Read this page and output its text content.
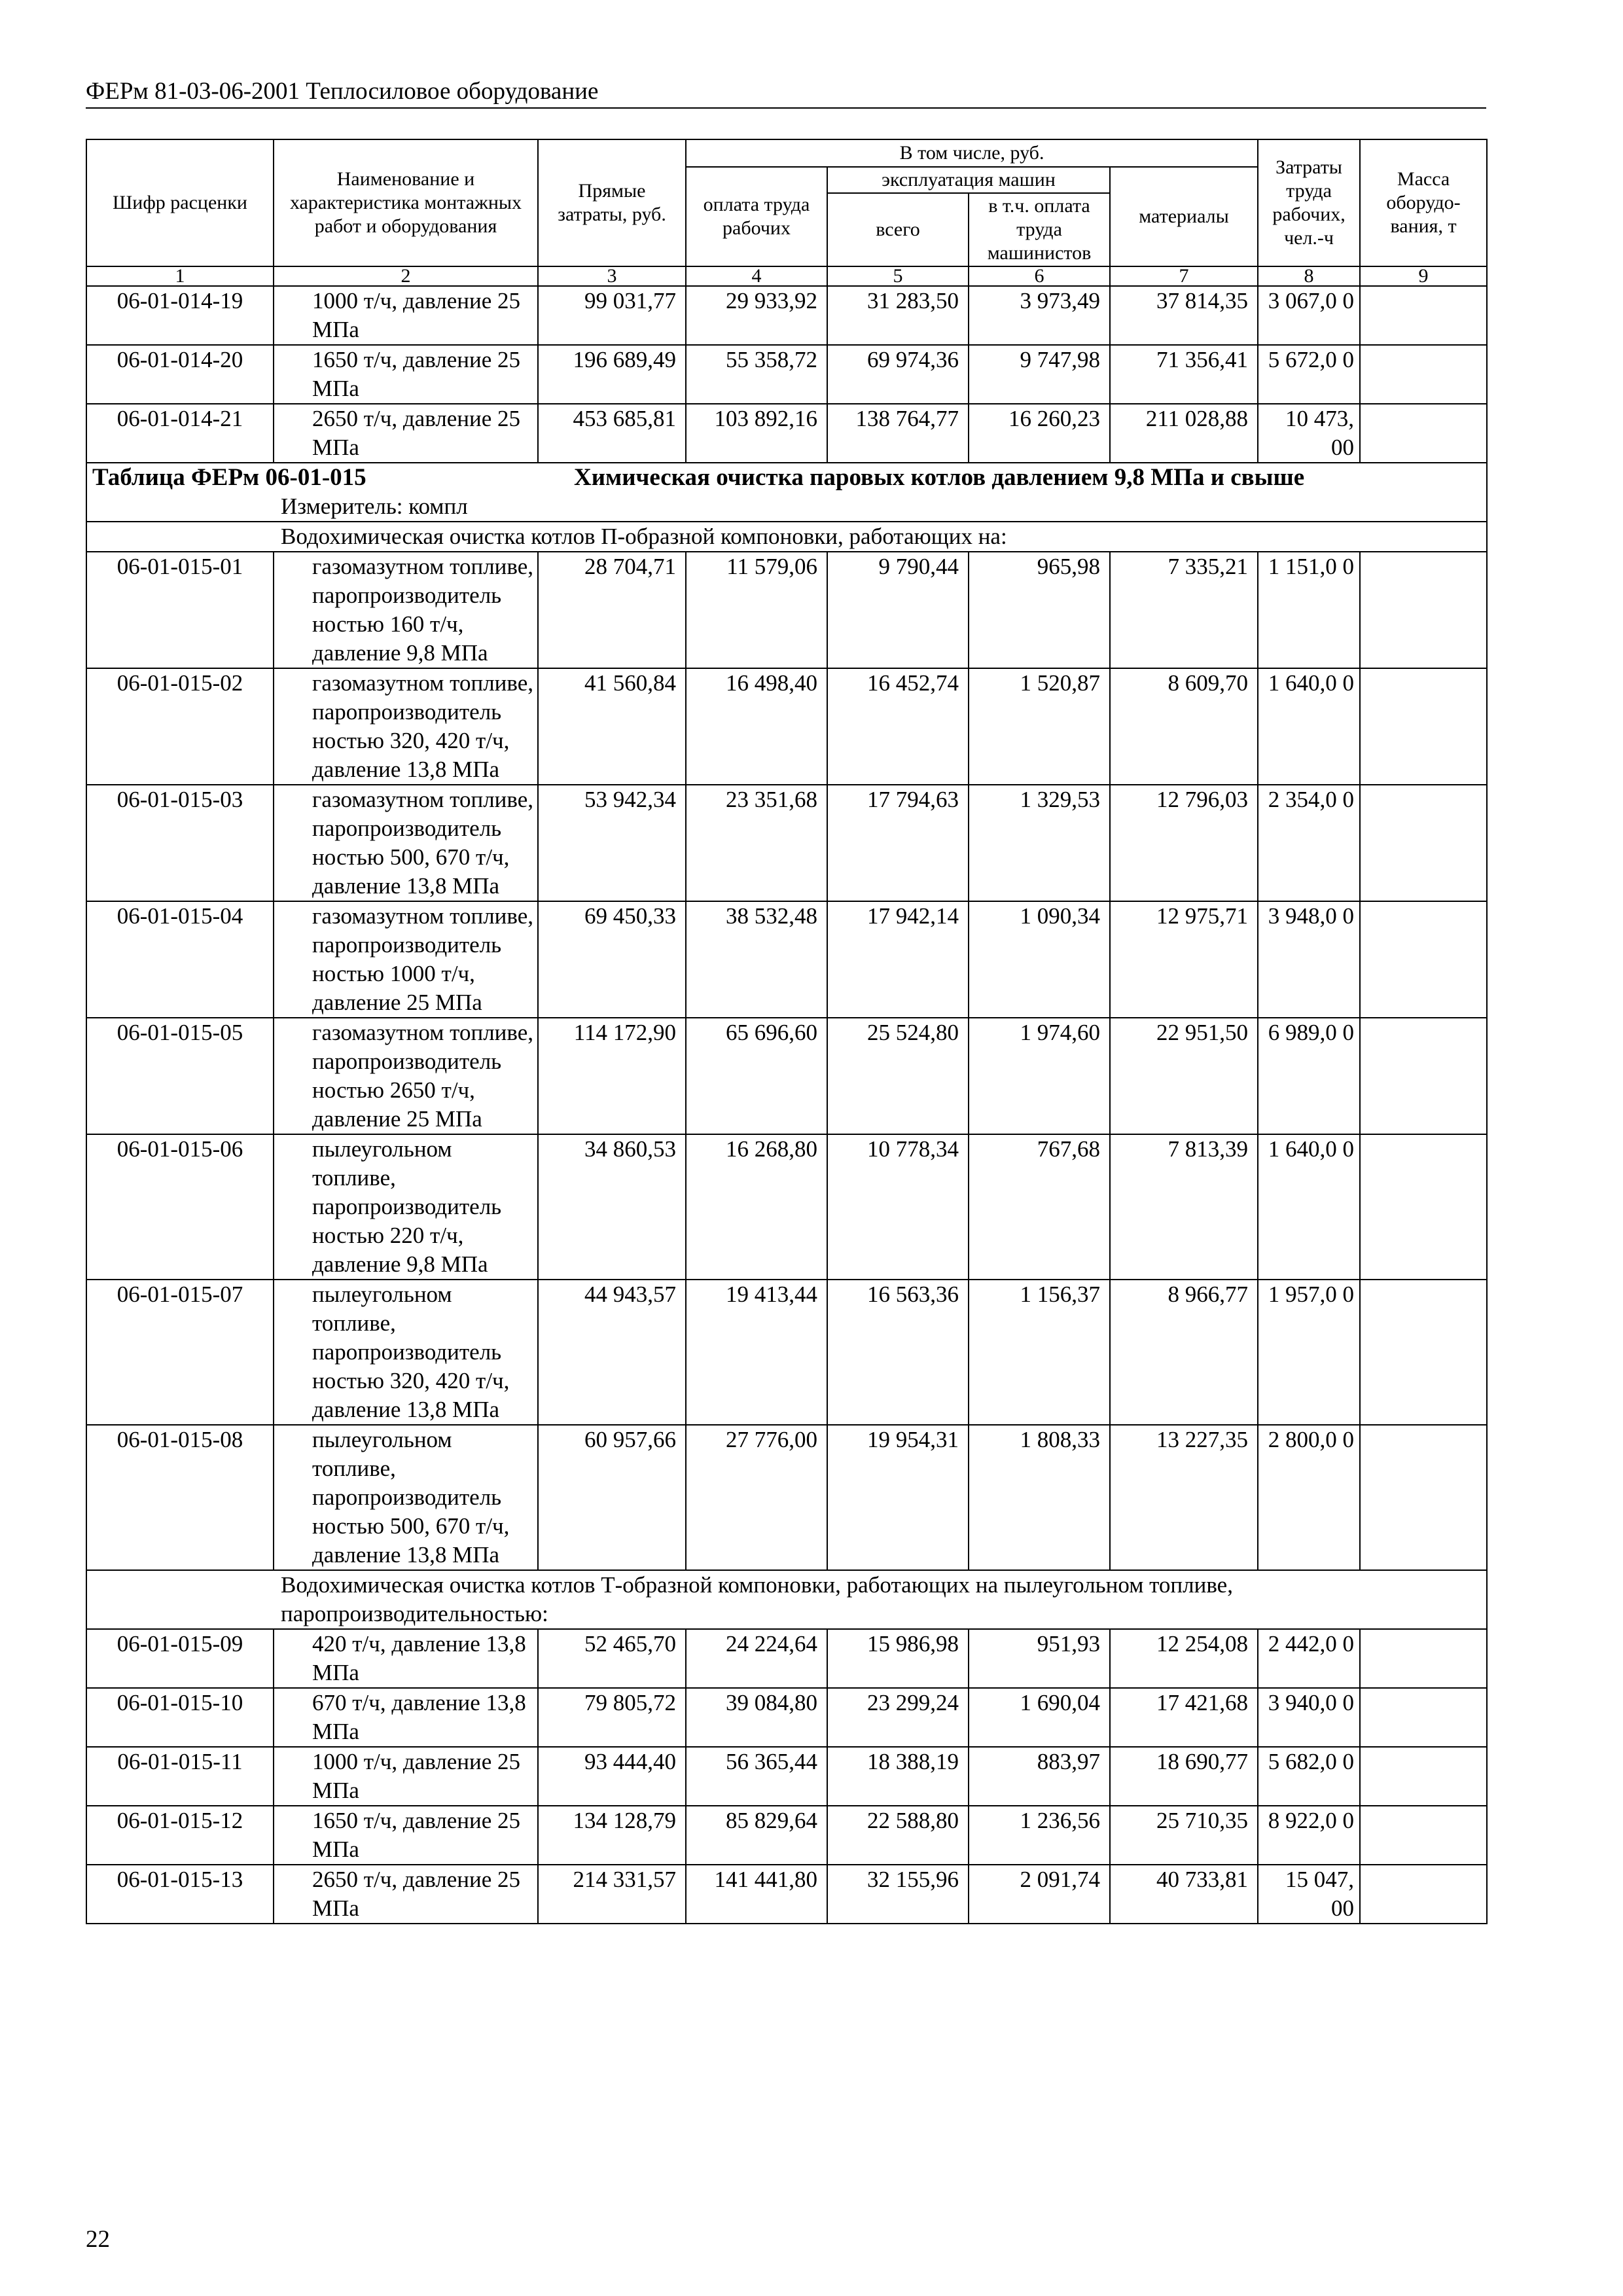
ФЕРм 81-03-06-2001 Теплосиловое оборудование
Шифр расценки	Наименование и характеристика монтажных работ и оборудования	Прямые затраты, руб.	В том числе, руб.				Затраты труда рабочих, чел.-ч	Масса оборудо-вания, т
			оплата труда рабочих	эксплуатация машин		материалы		
				всего	в т.ч. оплата труда машинистов			
1	2	3	4	5	6	7	8	9
06-01-014-19	1000 т/ч, давление 25 МПа	99 031,77	29 933,92	31 283,50	3 973,49	37 814,35	3 067,0 0	
06-01-014-20	1650 т/ч, давление 25 МПа	196 689,49	55 358,72	69 974,36	9 747,98	71 356,41	5 672,0 0	
06-01-014-21	2650 т/ч, давление 25 МПа	453 685,81	103 892,16	138 764,77	16 260,23	211 028,88	10 473, 00	

Таблица ФЕРм 06-01-015 Химическая очистка паровых котлов давлением 9,8 МПа и свыше								

Измеритель: компл								
Водохимическая очистка котлов П-образной компоновки, работающих на:								
06-01-015-01	газомазутном топливе, паропроизводитель ностью 160 т/ч, давление 9,8 МПа	28 704,71	11 579,06	9 790,44	965,98	7 335,21	1 151,0 0	
06-01-015-02	газомазутном топливе, паропроизводитель ностью 320, 420 т/ч, давление 13,8 МПа	41 560,84	16 498,40	16 452,74	1 520,87	8 609,70	1 640,0 0	
06-01-015-03	газомазутном топливе, паропроизводитель ностью 500, 670 т/ч, давление 13,8 МПа	53 942,34	23 351,68	17 794,63	1 329,53	12 796,03	2 354,0 0	
06-01-015-04	газомазутном топливе, паропроизводитель ностью 1000 т/ч, давление 25 МПа	69 450,33	38 532,48	17 942,14	1 090,34	12 975,71	3 948,0 0	
06-01-015-05	газомазутном топливе, паропроизводитель ностью 2650 т/ч, давление 25 МПа	114 172,90	65 696,60	25 524,80	1 974,60	22 951,50	6 989,0 0	
06-01-015-06	пылеугольном топливе, паропроизводитель ностью 220 т/ч, давление 9,8 МПа	34 860,53	16 268,80	10 778,34	767,68	7 813,39	1 640,0 0	
06-01-015-07	пылеугольном топливе, паропроизводитель ностью 320, 420 т/ч, давление 13,8 МПа	44 943,57	19 413,44	16 563,36	1 156,37	8 966,77	1 957,0 0	
06-01-015-08	пылеугольном топливе, паропроизводитель ностью 500, 670 т/ч, давление 13,8 МПа	60 957,66	27 776,00	19 954,31	1 808,33	13 227,35	2 800,0 0	
Водохимическая очистка котлов Т-образной компоновки, работающих на пылеугольном топливе, паропроизводительностью:								
06-01-015-09	420 т/ч, давление 13,8 МПа	52 465,70	24 224,64	15 986,98	951,93	12 254,08	2 442,0 0	
06-01-015-10	670 т/ч, давление 13,8 МПа	79 805,72	39 084,80	23 299,24	1 690,04	17 421,68	3 940,0 0	
06-01-015-11	1000 т/ч, давление 25 МПа	93 444,40	56 365,44	18 388,19	883,97	18 690,77	5 682,0 0	
06-01-015-12	1650 т/ч, давление 25 МПа	134 128,79	85 829,64	22 588,80	1 236,56	25 710,35	8 922,0 0	
06-01-015-13	2650 т/ч, давление 25 МПа	214 331,57	141 441,80	32 155,96	2 091,74	40 733,81	15 047, 00	
22
